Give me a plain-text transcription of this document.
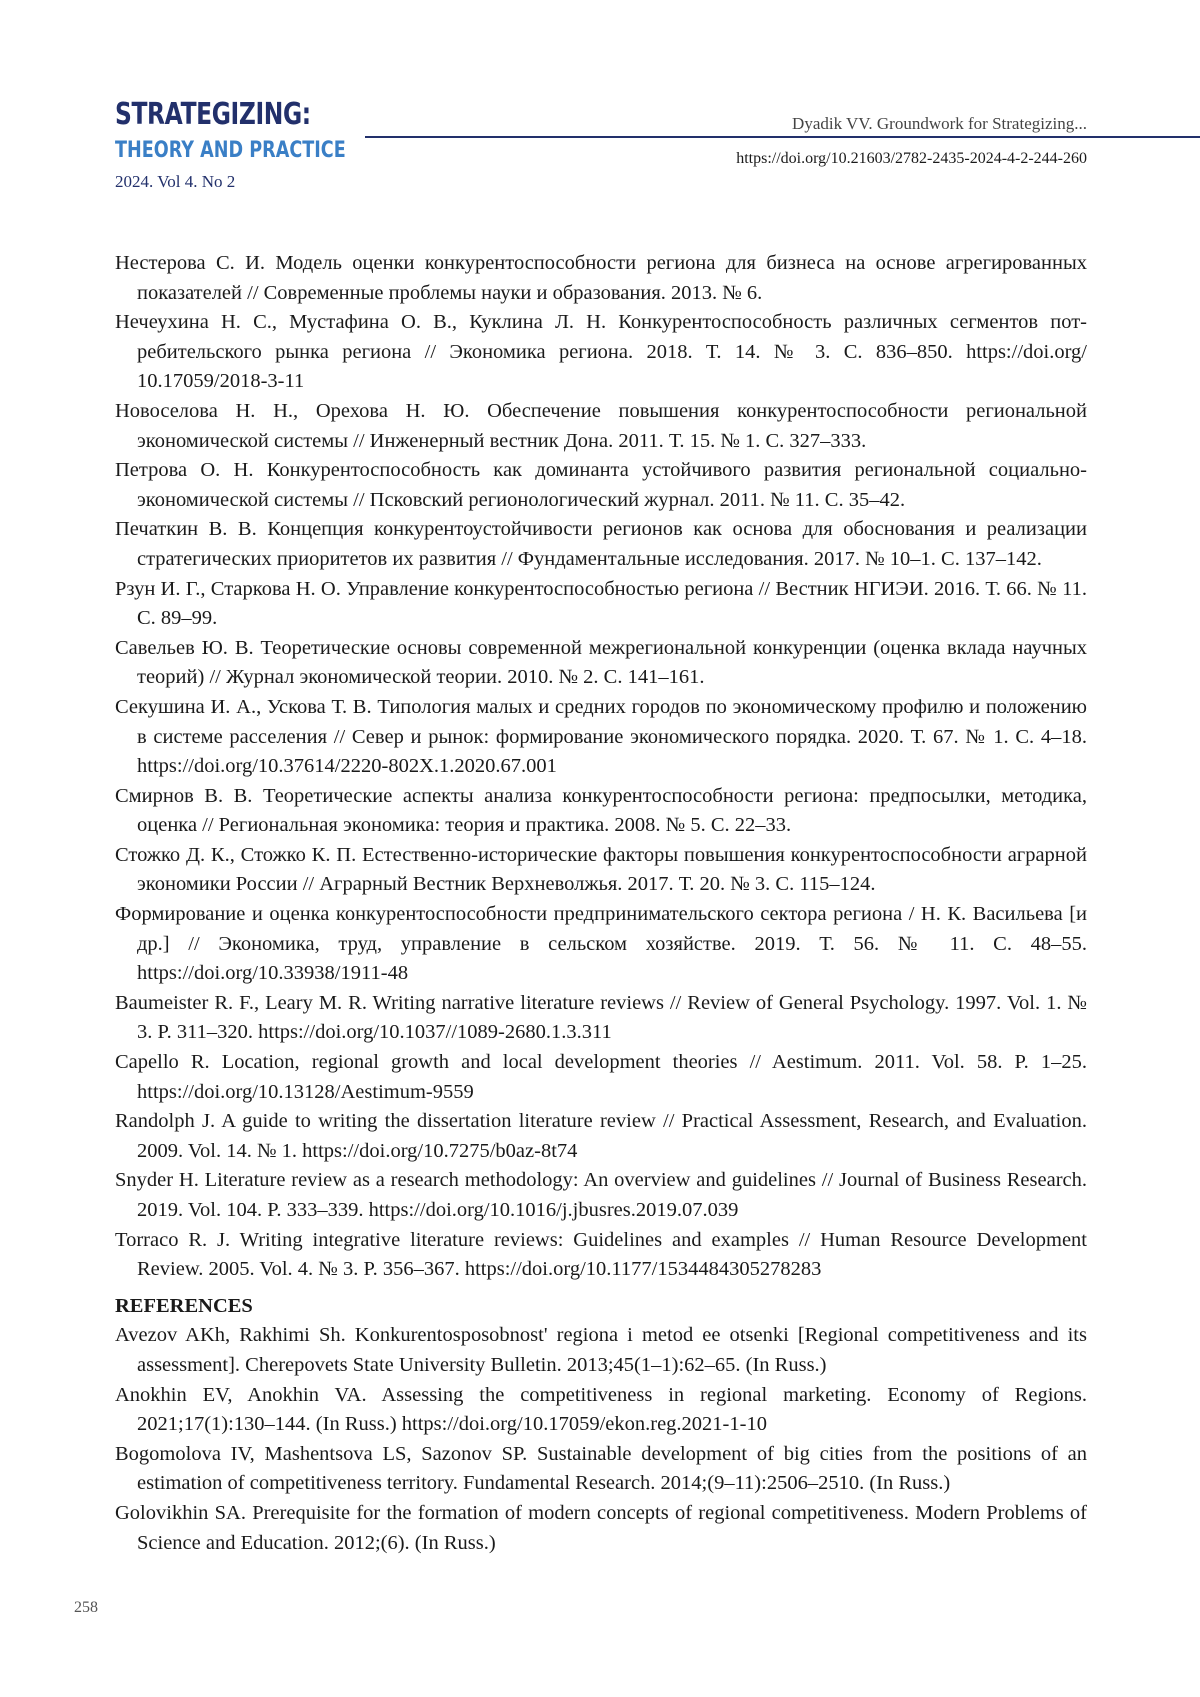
STRATEGIZING:
THEORY AND PRACTICE
2024. Vol 4. No 2
Dyadik VV. Groundwork for Strategizing...
https://doi.org/10.21603/2782-2435-2024-4-2-244-260

Нестерова С. И. Модель оценки конкурентоспособности региона для бизнеса на основе агрегированных показателей // Современные проблемы науки и образования. 2013. № 6.

Нечеухина Н. С., Мустафина О. В., Куклина Л. Н. Конкурентоспособность различных сегментов потребительского рынка региона // Экономика региона. 2018. Т. 14. № 3. С. 836–850. https://doi.org/ 10.17059/2018-3-11

Новоселова Н. Н., Орехова Н. Ю. Обеспечение повышения конкурентоспособности региональной экономической системы // Инженерный вестник Дона. 2011. Т. 15. № 1. С. 327–333.

Петрова О. Н. Конкурентоспособность как доминанта устойчивого развития региональной социально-экономической системы // Псковский регионологический журнал. 2011. № 11. С. 35–42.

Печаткин В. В. Концепция конкурентоустойчивости регионов как основа для обоснования и реализации стратегических приоритетов их развития // Фундаментальные исследования. 2017. № 10–1. С. 137–142.

Рзун И. Г., Старкова Н. О. Управление конкурентоспособностью региона // Вестник НГИЭИ. 2016. Т. 66. № 11. С. 89–99.

Савельев Ю. В. Теоретические основы современной межрегиональной конкуренции (оценка вклада научных теорий) // Журнал экономической теории. 2010. № 2. С. 141–161.

Секушина И. А., Ускова Т. В. Типология малых и средних городов по экономическому профилю и положению в системе расселения // Север и рынок: формирование экономического порядка. 2020. Т. 67. № 1. С. 4–18. https://doi.org/10.37614/2220-802X.1.2020.67.001

Смирнов В. В. Теоретические аспекты анализа конкурентоспособности региона: предпосылки, методика, оценка // Региональная экономика: теория и практика. 2008. № 5. С. 22–33.

Стожко Д. К., Стожко К. П. Естественно-исторические факторы повышения конкурентоспособности аграрной экономики России // Аграрный Вестник Верхневолжья. 2017. Т. 20. № 3. С. 115–124.

Формирование и оценка конкурентоспособности предпринимательского сектора региона / Н. К. Васильева [и др.] // Экономика, труд, управление в сельском хозяйстве. 2019. Т. 56. № 11. С. 48–55. https://doi.org/10.33938/1911-48

Baumeister R. F., Leary M. R. Writing narrative literature reviews // Review of General Psychology. 1997. Vol. 1. № 3. P. 311–320. https://doi.org/10.1037//1089-2680.1.3.311

Capello R. Location, regional growth and local development theories // Aestimum. 2011. Vol. 58. P. 1–25. https://doi.org/10.13128/Aestimum-9559

Randolph J. A guide to writing the dissertation literature review // Practical Assessment, Research, and Evaluation. 2009. Vol. 14. № 1. https://doi.org/10.7275/b0az-8t74

Snyder H. Literature review as a research methodology: An overview and guidelines // Journal of Business Research. 2019. Vol. 104. P. 333–339. https://doi.org/10.1016/j.jbusres.2019.07.039

Torraco R. J. Writing integrative literature reviews: Guidelines and examples // Human Resource Development Review. 2005. Vol. 4. № 3. P. 356–367. https://doi.org/10.1177/1534484305278283

REFERENCES

Avezov AKh, Rakhimi Sh. Konkurentosposobnost' regiona i metod ee otsenki [Regional competitiveness and its assessment]. Cherepovets State University Bulletin. 2013;45(1–1):62–65. (In Russ.)

Anokhin EV, Anokhin VA. Assessing the competitiveness in regional marketing. Economy of Regions. 2021;17(1):130–144. (In Russ.) https://doi.org/10.17059/ekon.reg.2021-1-10

Bogomolova IV, Mashentsova LS, Sazonov SP. Sustainable development of big cities from the positions of an estimation of competitiveness territory. Fundamental Research. 2014;(9–11):2506–2510. (In Russ.)

Golovikhin SA. Prerequisite for the formation of modern concepts of regional competitiveness. Modern Problems of Science and Education. 2012;(6). (In Russ.)

258
